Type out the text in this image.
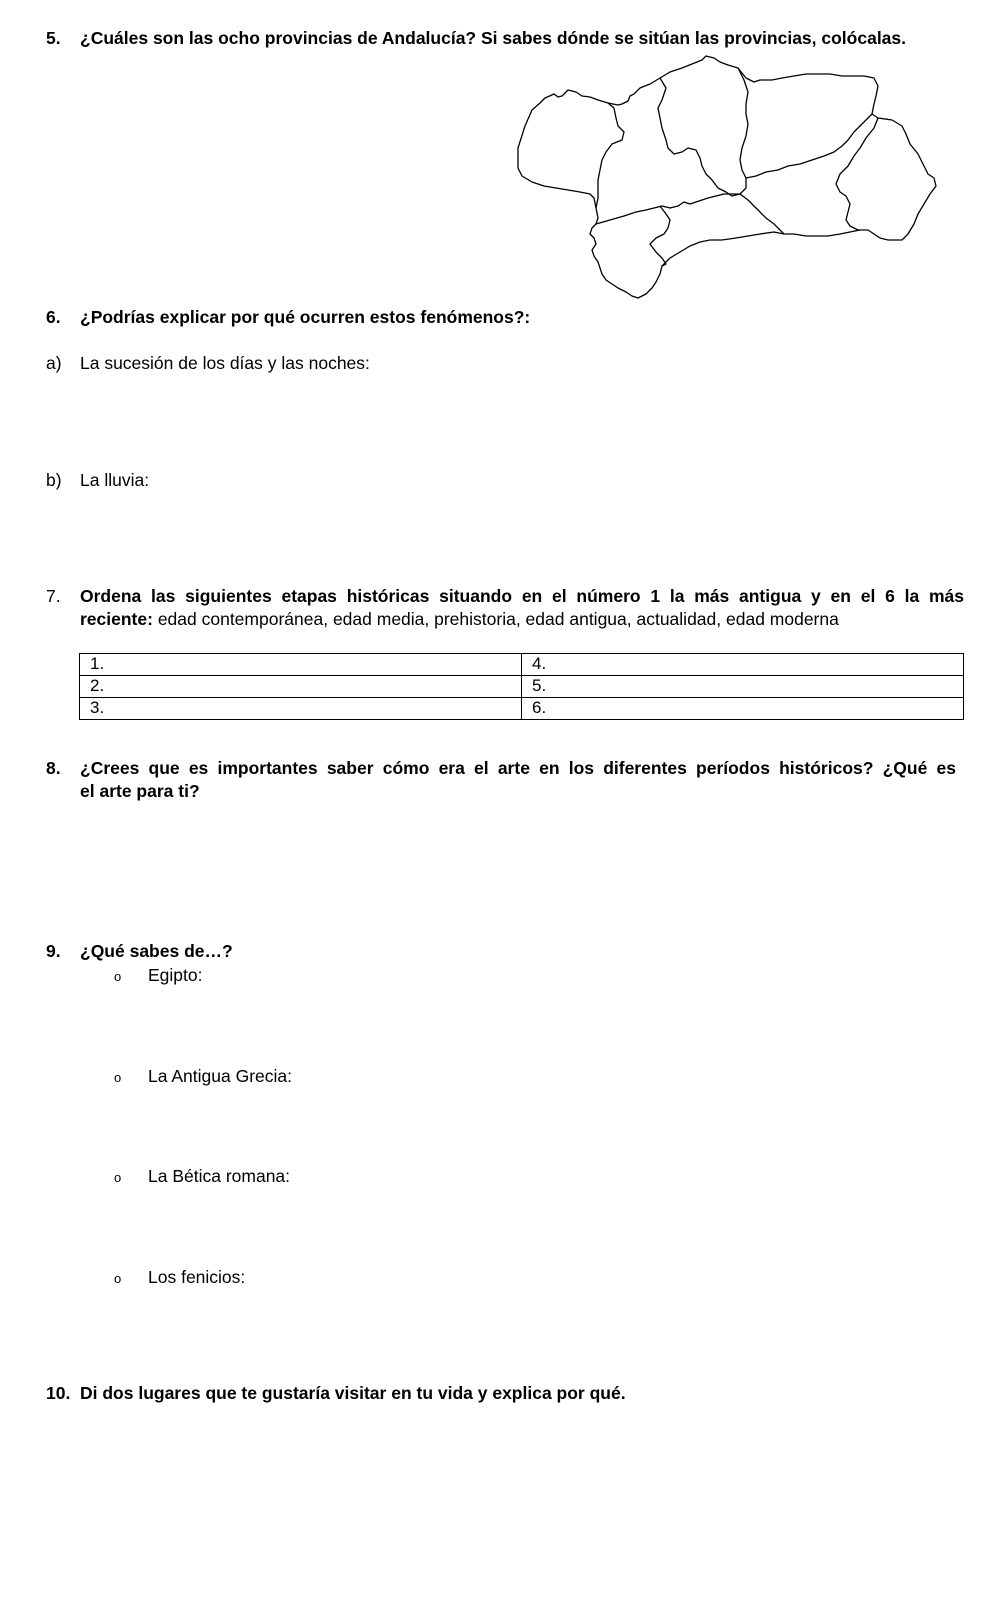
5. ¿Cuáles son las ocho provincias de Andalucía? Si sabes dónde se sitúan las provincias, colócalas.
6. ¿Podrías explicar por qué ocurren estos fenómenos?:
a) La sucesión de los días y las noches:
b) La lluvia:
7.	Ordena las siguientes etapas históricas situando en el número 1 la más antigua y en el 6 la más
reciente: edad contemporánea, edad media, prehistoria, edad antigua, actualidad, edad moderna
1.	4.
2.	5.
3.	6.
8.	¿Crees que es importantes saber cómo era el arte en los diferentes períodos históricos? ¿Qué es
el arte para ti?
9. ¿Qué sabes de…?
o Egipto:
o La Antigua Grecia:
o La Bética romana:
o Los fenicios:
10. Di dos lugares que te gustaría visitar en tu vida y explica por qué.
